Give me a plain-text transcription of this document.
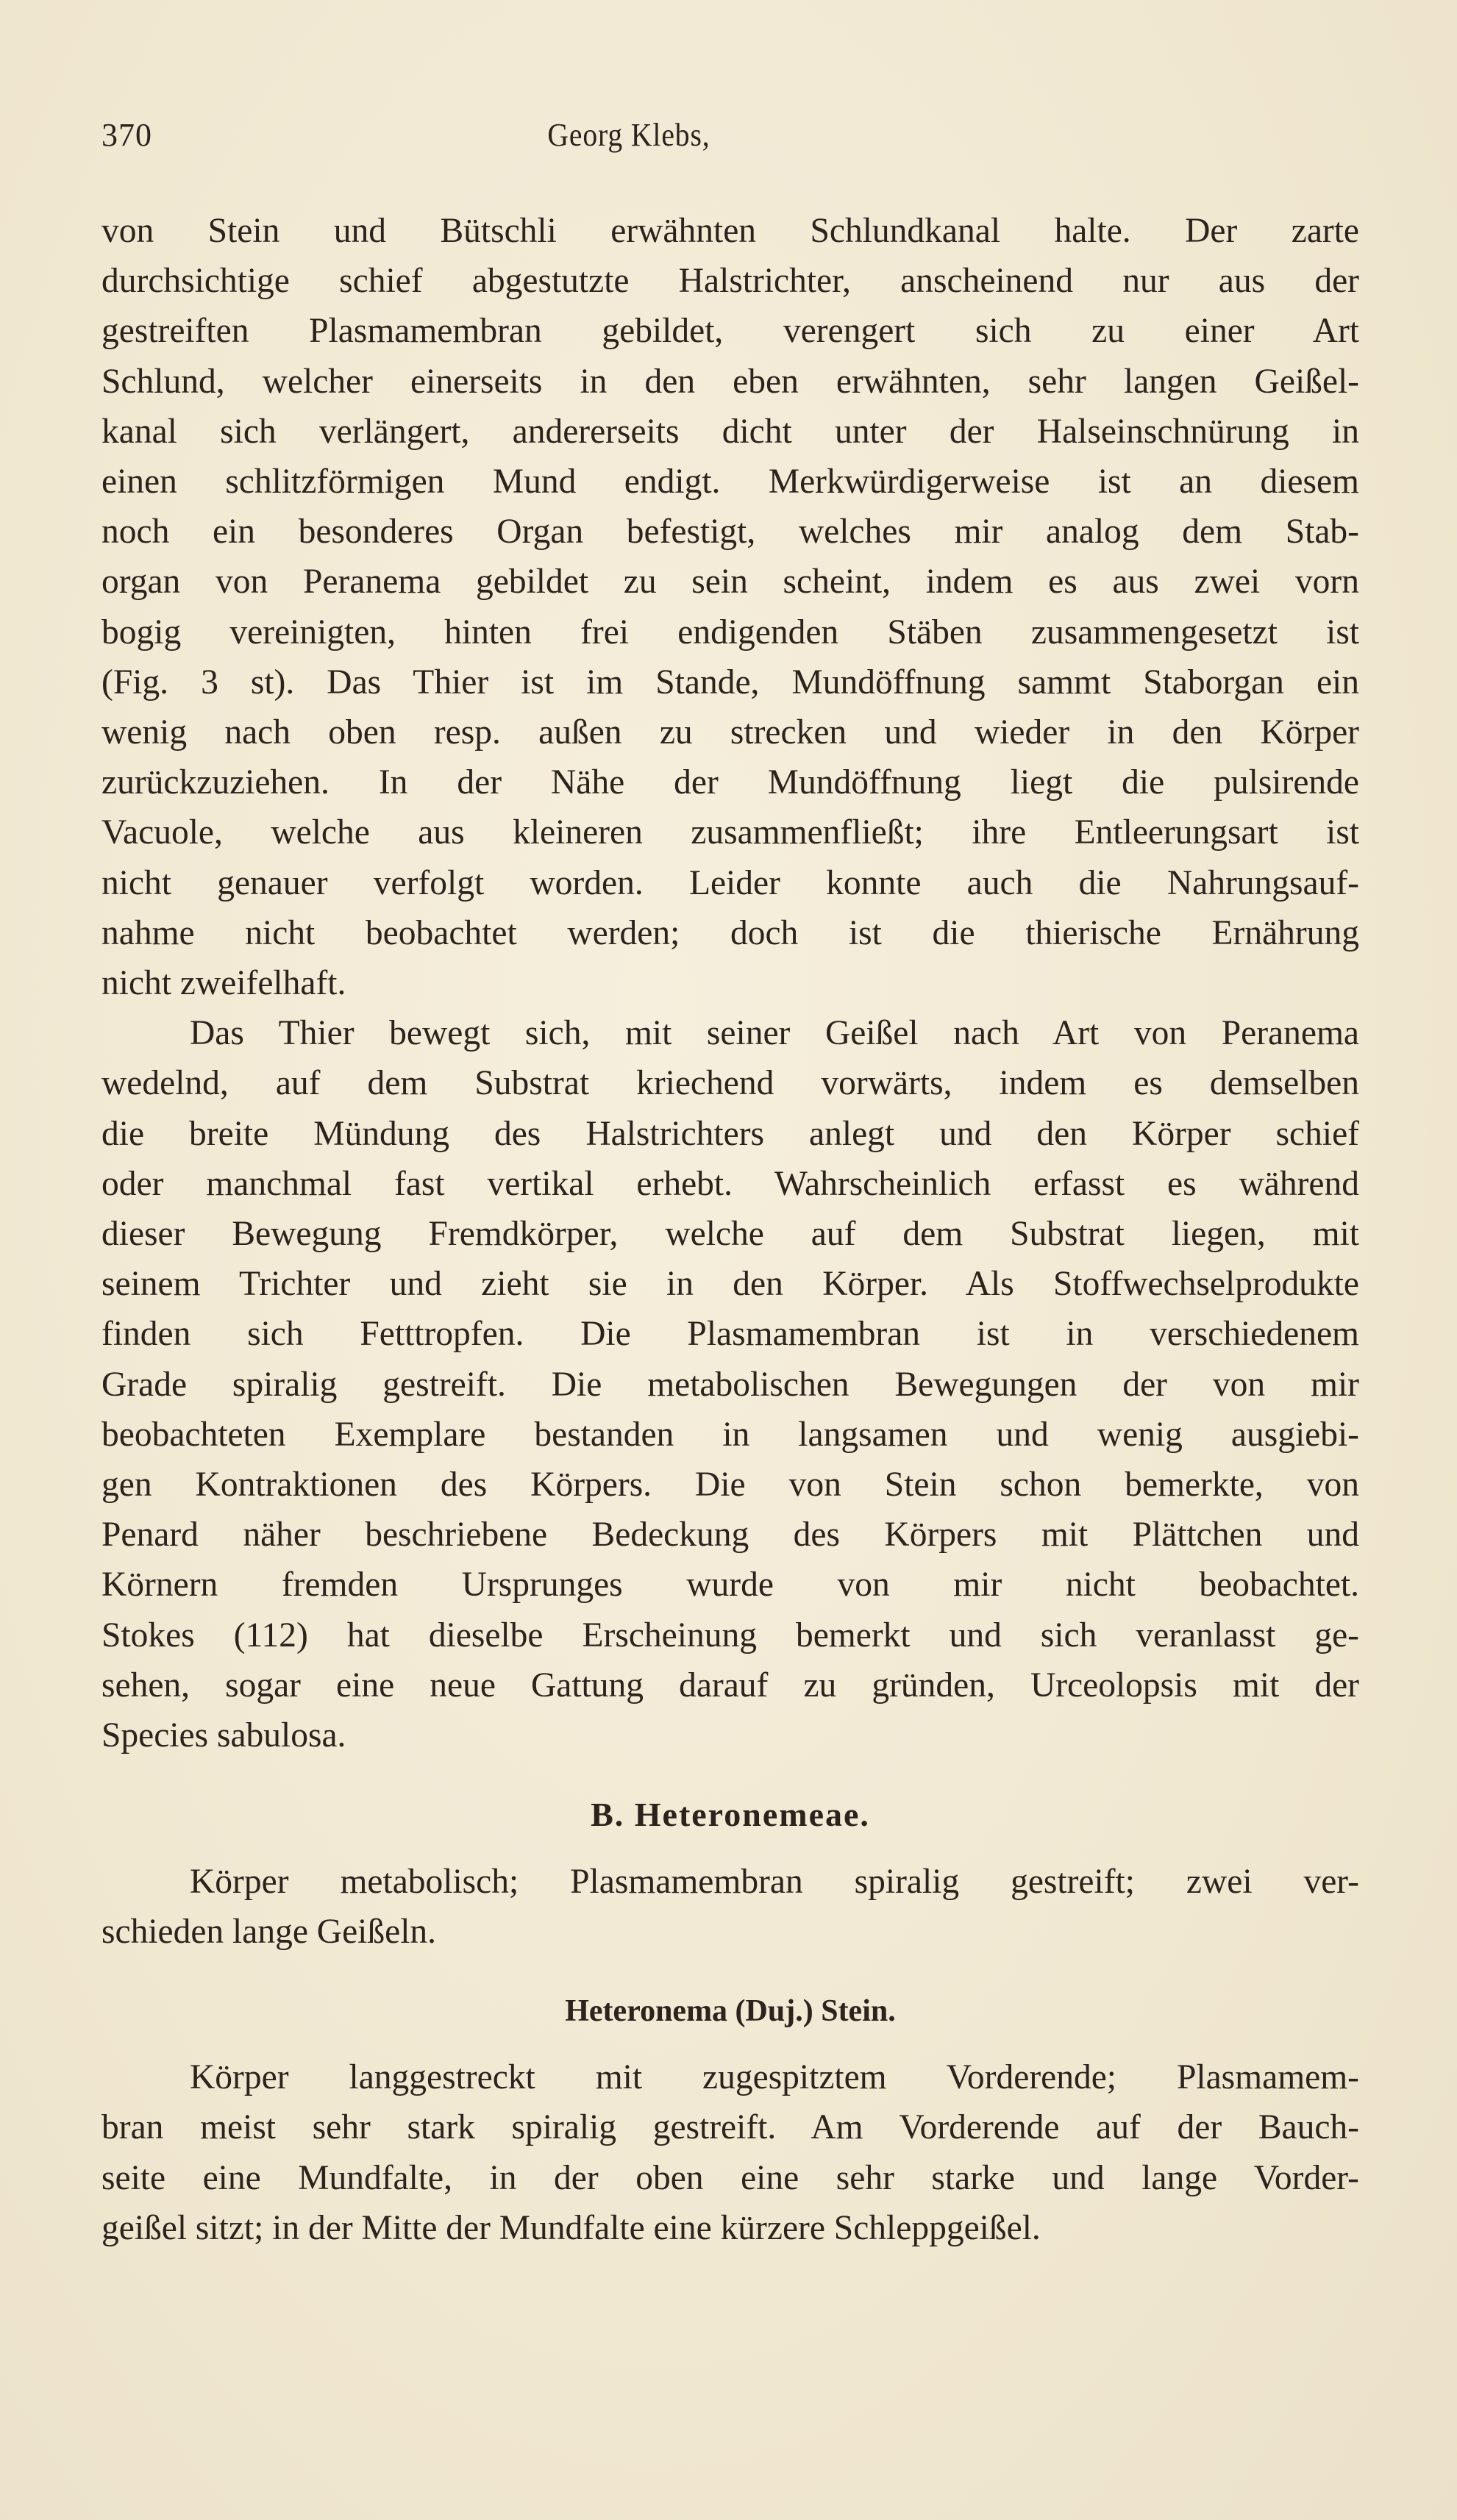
370	Georg Klebs,

von Stein und Bütschli erwähnten Schlundkanal halte. Der zarte

durchsichtige schief abgestutzte Halstrichter, anscheinend nur aus der

gestreiften Plasmamembran gebildet, verengert sich zu einer Art

Schlund, welcher einerseits in den eben erwähnten, sehr langen Geißel-

kanal sich verlängert, andererseits dicht unter der Halseinschnürung in

einen schlitzförmigen Mund endigt. Merkwürdigerweise ist an diesem

noch ein besonderes Organ befestigt, welches mir analog dem Stab-

organ von Peranema gebildet zu sein scheint, indem es aus zwei vorn

bogig vereinigten, hinten frei endigenden Stäben zusammengesetzt ist

(Fig. 3 st). Das Thier ist im Stande, Mundöffnung sammt Staborgan ein

wenig nach oben resp. außen zu strecken und wieder in den Körper

zurückzuziehen. In der Nähe der Mundöffnung liegt die pulsirende

Vacuole, welche aus kleineren zusammenfließt; ihre Entleerungsart ist

nicht genauer verfolgt worden. Leider konnte auch die Nahrungsauf-

nahme nicht beobachtet werden; doch ist die thierische Ernährung

nicht zweifelhaft.

Das Thier bewegt sich, mit seiner Geißel nach Art von Peranema

wedelnd, auf dem Substrat kriechend vorwärts, indem es demselben

die breite Mündung des Halstrichters anlegt und den Körper schief

oder manchmal fast vertikal erhebt. Wahrscheinlich erfasst es während

dieser Bewegung Fremdkörper, welche auf dem Substrat liegen, mit

seinem Trichter und zieht sie in den Körper. Als Stoffwechselprodukte

finden sich Fetttropfen. Die Plasmamembran ist in verschiedenem

Grade spiralig gestreift. Die metabolischen Bewegungen der von mir

beobachteten Exemplare bestanden in langsamen und wenig ausgiebi-

gen Kontraktionen des Körpers. Die von Stein schon bemerkte, von

Penard näher beschriebene Bedeckung des Körpers mit Plättchen und

Körnern fremden Ursprunges wurde von mir nicht beobachtet.

Stokes (112) hat dieselbe Erscheinung bemerkt und sich veranlasst ge-

sehen, sogar eine neue Gattung darauf zu gründen, Urceolopsis mit der

Species sabulosa.

B. Heteronemeae.

Körper metabolisch; Plasmamembran spiralig gestreift; zwei ver-

schieden lange Geißeln.

Heteronema (Duj.) Stein.

Körper langgestreckt mit zugespitztem Vorderende; Plasmamem-

bran meist sehr stark spiralig gestreift. Am Vorderende auf der Bauch-

seite eine Mundfalte, in der oben eine sehr starke und lange Vorder-

geißel sitzt; in der Mitte der Mundfalte eine kürzere Schleppgeißel.
